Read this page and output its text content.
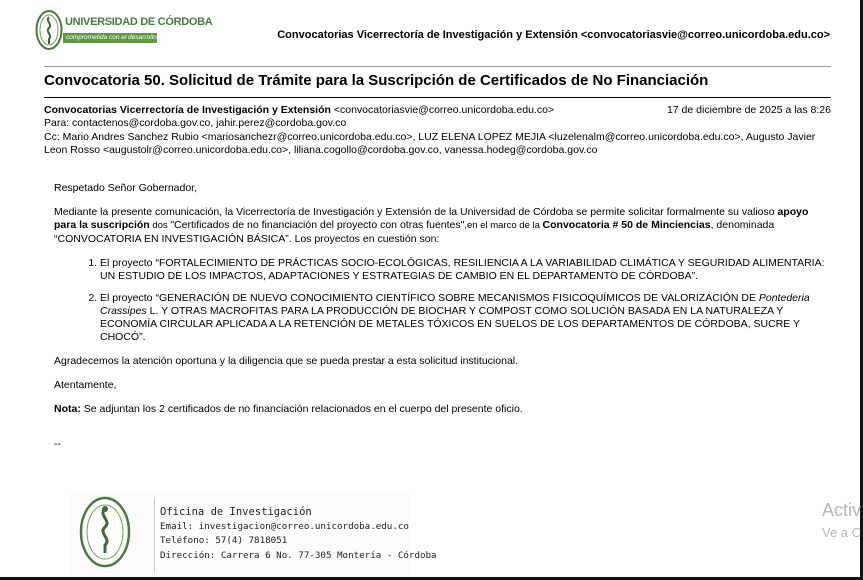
UNIVERSIDAD DE CÓRDOBA
comprometida con el desarrollo regional	Convocatorias Vicerrectoría de Investigación y Extensión <convocatoriasvie@correo.unicordoba.edu.co>
Convocatoria 50. Solicitud de Trámite para la Suscripción de Certificados de No Financiación
Convocatorias Vicerrectoría de Investigación y Extensión <convocatoriasvie@correo.unicordoba.edu.co>	17 de diciembre de 2025 a las 8:26
Para: contactenos@cordoba.gov.co, jahir.perez@cordoba.gov.co
Cc: Mario Andres Sanchez Rubio <mariosanchezr@correo.unicordoba.edu.co>, LUZ ELENA LOPEZ MEJIA <luzelenalm@correo.unicordoba.edu.co>, Augusto Javier Leon Rosso <augustolr@correo.unicordoba.edu.co>, liliana.cogollo@cordoba.gov.co, vanessa.hodeg@cordoba.gov.co

Respetado Señor Gobernador,

Mediante la presente comunicación, la Vicerrectoría de Investigación y Extensión de la Universidad de Córdoba se permite solicitar formalmente su valioso apoyo para la suscripción dos "Certificados de no financiación del proyecto con otras fuentes",en el marco de la Convocatoria # 50 de Minciencias, denominada “CONVOCATORIA EN INVESTIGACIÓN BÁSICA”. Los proyectos en cuestión son:

1. El proyecto “FORTALECIMIENTO DE PRÁCTICAS SOCIO-ECOLÓGICAS, RESILIENCIA A LA VARIABILIDAD CLIMÁTICA Y SEGURIDAD ALIMENTARIA: UN ESTUDIO DE LOS IMPACTOS, ADAPTACIONES Y ESTRATEGIAS DE CAMBIO EN EL DEPARTAMENTO DE CÓRDOBA”.
2. El proyecto “GENERACIÓN DE NUEVO CONOCIMIENTO CIENTÍFICO SOBRE MECANISMOS FISICOQUÍMICOS DE VALORIZACIÓN DE Pontederia Crassipes L. Y OTRAS MACROFITAS PARA LA PRODUCCIÓN DE BIOCHAR Y COMPOST COMO SOLUCIÓN BASADA EN LA NATURALEZA Y ECONOMÍA CIRCULAR APLICADA A LA RETENCIÓN DE METALES TÓXICOS EN SUELOS DE LOS DEPARTAMENTOS DE CÓRDOBA, SUCRE Y CHOCÓ”.

Agradecemos la atención oportuna y la diligencia que se pueda prestar a esta solicitud institucional.

Atentamente,

Nota: Se adjuntan los 2 certificados de no financiación relacionados en el cuerpo del presente oficio.

--
Oficina de Investigación
Email: investigacion@correo.unicordoba.edu.co
Teléfono: 57(4) 7818051
Dirección: Carrera 6 No. 77-305 Montería - Córdoba
Activ
Ve a C
